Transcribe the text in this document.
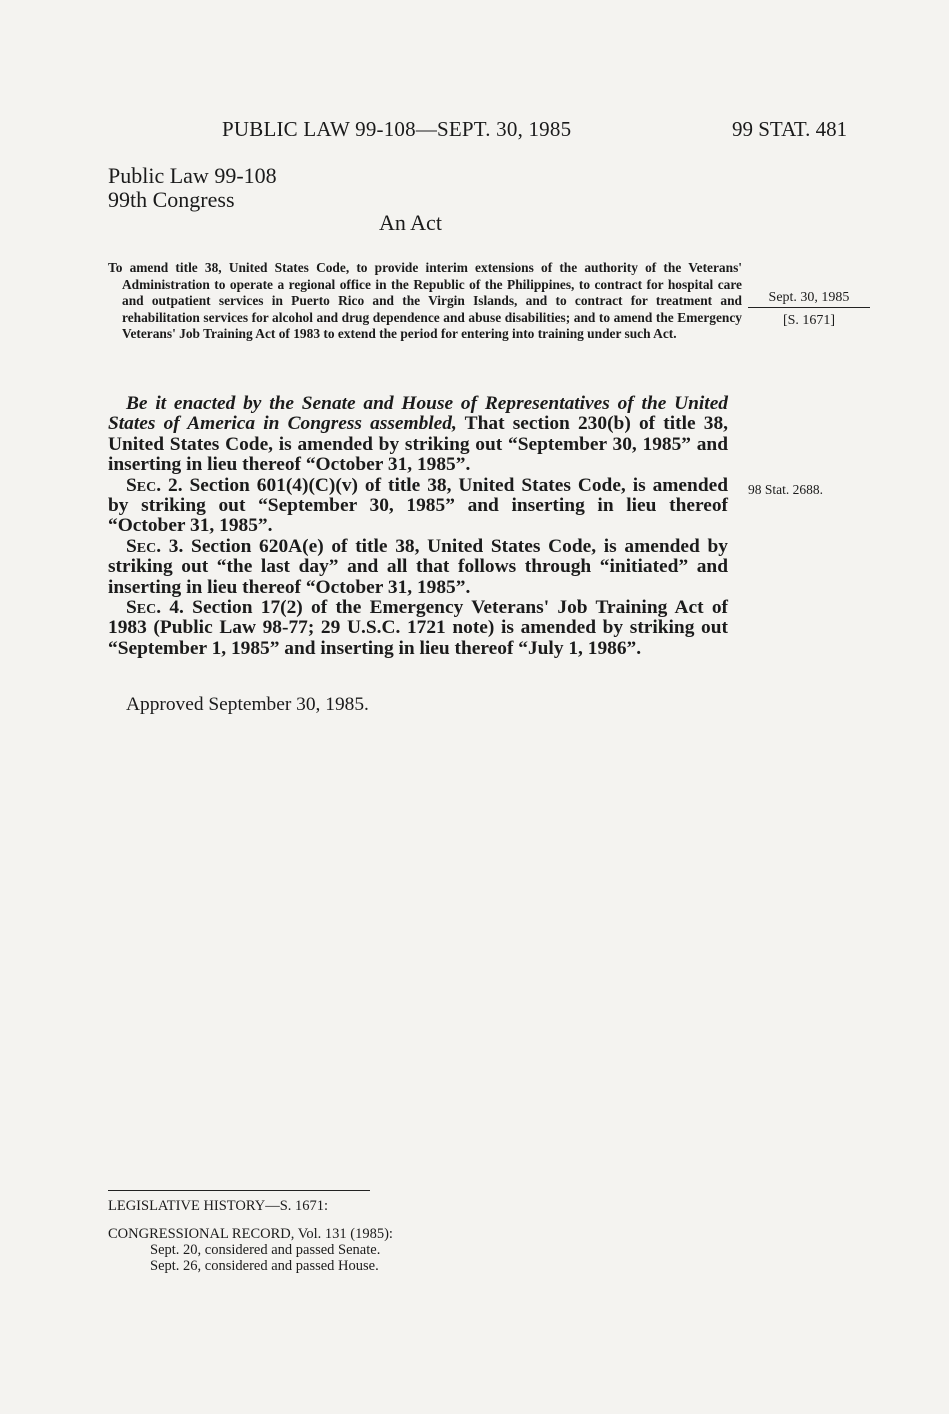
PUBLIC LAW 99-108—SEPT. 30, 1985	99 STAT. 481
Public Law 99-108
99th Congress
An Act
To amend title 38, United States Code, to provide interim extensions of the authority of the Veterans' Administration to operate a regional office in the Republic of the Philippines, to contract for hospital care and outpatient services in Puerto Rico and the Virgin Islands, and to contract for treatment and rehabilitation services for alcohol and drug dependence and abuse disabilities; and to amend the Emergency Veterans' Job Training Act of 1983 to extend the period for entering into training under such Act.
Sept. 30, 1985
[S. 1671]
98 Stat. 2688.

Be it enacted by the Senate and House of Representatives of the United States of America in Congress assembled, That section 230(b) of title 38, United States Code, is amended by striking out “September 30, 1985” and inserting in lieu thereof “October 31, 1985”.

Sec. 2. Section 601(4)(C)(v) of title 38, United States Code, is amended by striking out “September 30, 1985” and inserting in lieu thereof “October 31, 1985”.

Sec. 3. Section 620A(e) of title 38, United States Code, is amended by striking out “the last day” and all that follows through “initiated” and inserting in lieu thereof “October 31, 1985”.

Sec. 4. Section 17(2) of the Emergency Veterans' Job Training Act of 1983 (Public Law 98-77; 29 U.S.C. 1721 note) is amended by striking out “September 1, 1985” and inserting in lieu thereof “July 1, 1986”.

Approved September 30, 1985.
LEGISLATIVE HISTORY—S. 1671:
CONGRESSIONAL RECORD, Vol. 131 (1985):
Sept. 20, considered and passed Senate.
Sept. 26, considered and passed House.
